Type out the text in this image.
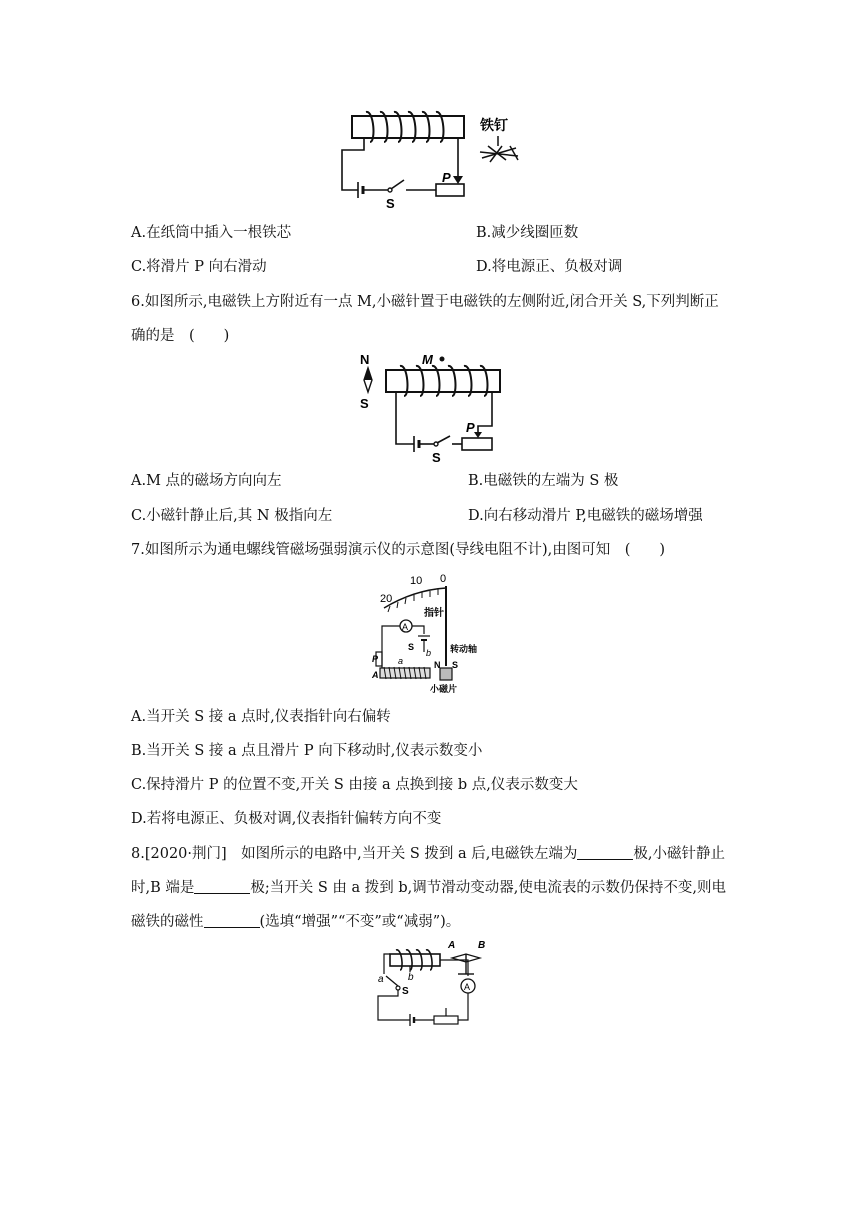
P
S
铁钉
A.在纸筒中插入一根铁芯	B.减少线圈匝数
C.将滑片 P 向右滑动	D.将电源正、负极对调
6.如图所示,电磁铁上方附近有一点 M,小磁针置于电磁铁的左侧附近,闭合开关 S,下列判断正
确的是　(　　)
N
S
M
P
S
A.M 点的磁场方向向左	B.电磁铁的左端为 S 极
C.小磁针静止后,其 N 极指向左	D.向右移动滑片 P,电磁铁的磁场增强
7.如图所示为通电螺线管磁场强弱演示仪的示意图(导线电阻不计),由图可知　(　　)
20
10 0
指针
A
S
b
a
P
A
N S
转动轴
小磁片
A.当开关 S 接 a 点时,仪表指针向右偏转
B.当开关 S 接 a 点且滑片 P 向下移动时,仪表示数变小
C.保持滑片 P 的位置不变,开关 S 由接 a 点换到接 b 点,仪表示数变大
D.若将电源正、负极对调,仪表指针偏转方向不变
8.[2020·荆门]　如图所示的电路中,当开关 S 拨到 a 后,电磁铁左端为	极,小磁针静止
时,B 端是	极;当开关 S 由 a 拨到 b,调节滑动变动器,使电流表的示数仍保持不变,则电
磁铁的磁性	(选填“增强”“不变”或“减弱”)。
A B
a b
S	A
